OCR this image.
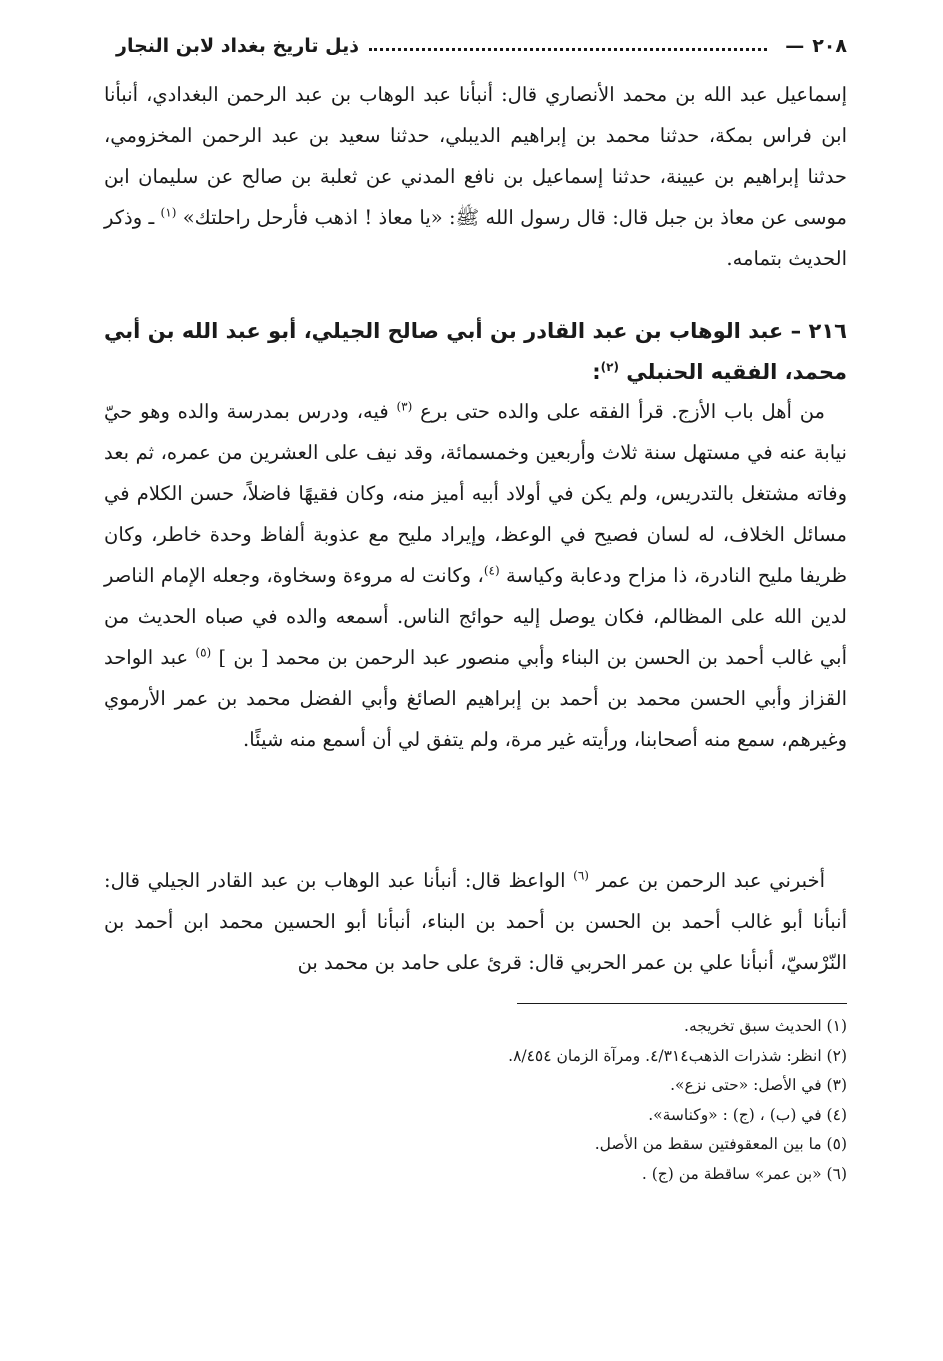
٢٠٨
—
ذيل تاريخ بغداد لابن النجار

إسماعيل عبد الله بن محمد الأنصاري قال: أنبأنا عبد الوهاب بن عبد الرحمن البغدادي، أنبأنا ابن فراس بمكة، حدثنا محمد بن إبراهيم الديبلي، حدثنا سعيد بن عبد الرحمن المخزومي، حدثنا إبراهيم بن عيينة، حدثنا إسماعيل بن نافع المدني عن ثعلبة بن صالح عن سليمان ابن موسى عن معاذ بن جبل قال: قال رسول الله ﷺ: «يا معاذ ! اذهب فأرحل راحلتك» $^{(١)}$ ـ وذكر الحديث بتمامه.

٢١٦ – عبد الوهاب بن عبد القادر بن أبي صالح الجيلي، أبو عبد الله بن أبي محمد، الفقيه الحنبلي $^{(٢)}$:

من أهل باب الأزج. قرأ الفقه على والده حتى برع $^{(٣)}$ فيه، ودرس بمدرسة والده وهو حيّ نيابة عنه في مستهل سنة ثلاث وأربعين وخمسمائة، وقد نيف على العشرين من عمره، ثم بعد وفاته مشتغل بالتدريس، ولم يكن في أولاد أبيه أميز منه، وكان فقيهًا فاضلاً، حسن الكلام في مسائل الخلاف، له لسان فصيح في الوعظ، وإيراد مليح مع عذوبة ألفاظ وحدة خاطر، وكان ظريفا مليح النادرة، ذا مزاح ودعابة وكياسة $^{(٤)}$، وكانت له مروءة وسخاوة، وجعله الإمام الناصر لدين الله على المظالم، فكان يوصل إليه حوائج الناس. أسمعه والده في صباه الحديث من أبي غالب أحمد بن الحسن بن البناء وأبي منصور عبد الرحمن بن محمد [ بن ] $^{(٥)}$ عبد الواحد القزاز وأبي الحسن محمد بن أحمد بن إبراهيم الصائغ وأبي الفضل محمد بن عمر الأرموي وغيرهم، سمع منه أصحابنا، ورأيته غير مرة، ولم يتفق لي أن أسمع منه شيئًا.

أخبرني عبد الرحمن بن عمر $^{(٦)}$ الواعظ قال: أنبأنا عبد الوهاب بن عبد القادر الجيلي قال: أنبأنا أبو غالب أحمد بن الحسن بن أحمد بن البناء، أنبأنا أبو الحسين محمد ابن أحمد بن النّرْسيّ، أنبأنا علي بن عمر الحربي قال: قرئ على حامد بن محمد بن

(١) الحديث سبق تخريجه.
(٢) انظر: شذرات الذهب٤/٣١٤. ومرآة الزمان ٨/٤٥٤.
(٣) في الأصل: «حتى نزع».
(٤) في (ب) ، (ج) : «وكناسة».
(٥) ما بين المعقوفتين سقط من الأصل.
(٦) «بن عمر» ساقطة من (ج) .
